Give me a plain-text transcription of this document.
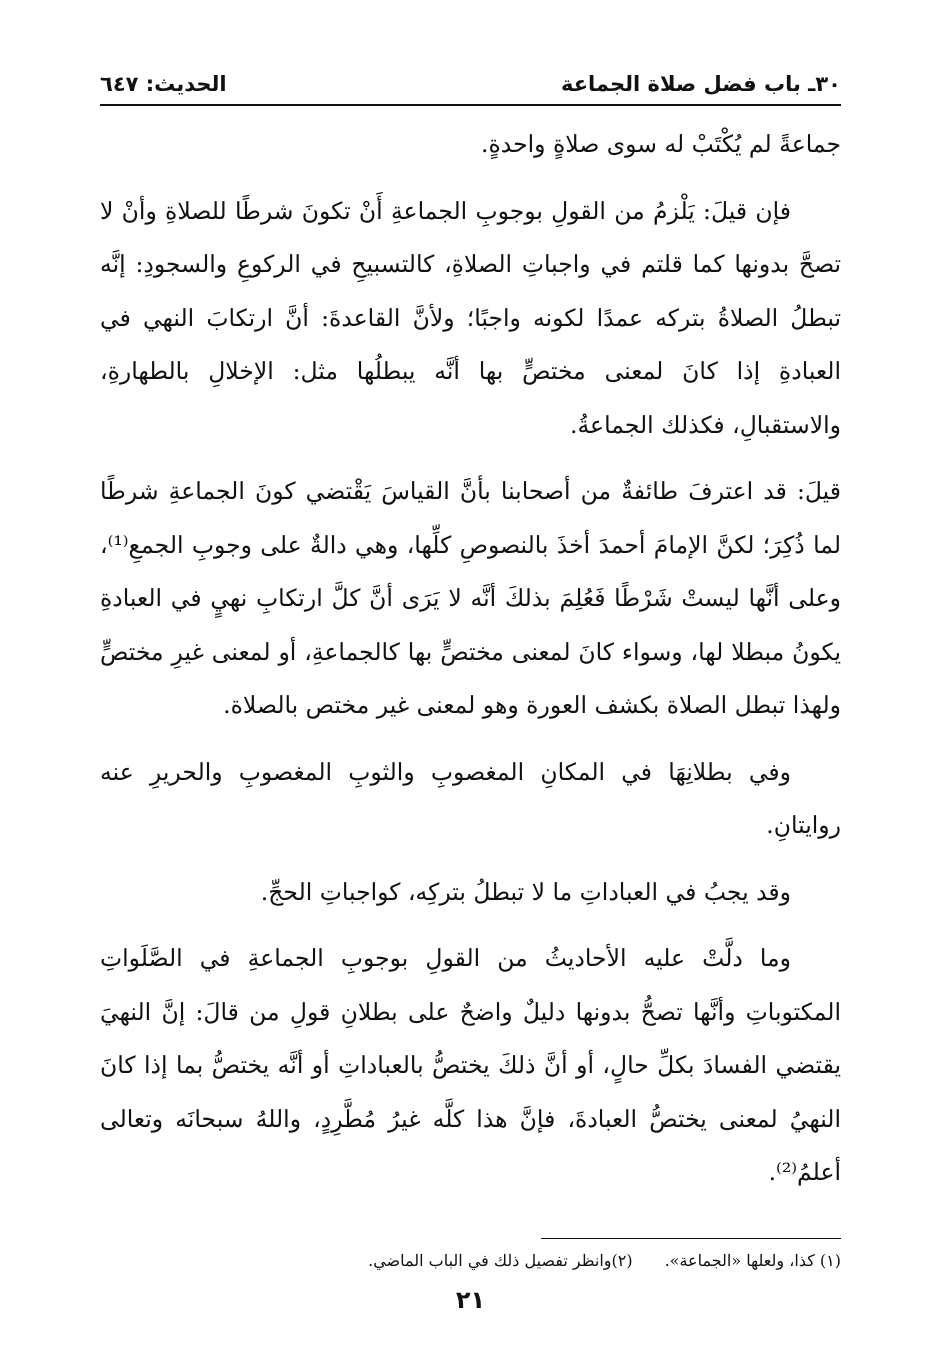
٣٠ـ باب فضل صلاة الجماعة
الحديث: ٦٤٧

جماعةً لم يُكْتَبْ له سوى صلاةٍ واحدةٍ.

فإن قيلَ: يَلْزمُ من القولِ بوجوبِ الجماعةِ أَنْ تكونَ شرطًا للصلاةِ وأنْ لا تصحَّ بدونها كما قلتم في واجباتِ الصلاةِ، كالتسبيحِ في الركوعِ والسجودِ: إنَّه تبطلُ الصلاةُ بتركه عمدًا لكونه واجبًا؛ ولأنَّ القاعدةَ: أنَّ ارتكابَ النهي في العبادةِ إذا كانَ لمعنى مختصٍّ بها أنَّه يبطلُها مثل: الإخلالِ بالطهارةِ، والاستقبالِ، فكذلك الجماعةُ.

قيلَ: قد اعترفَ طائفةٌ من أصحابنا بأنَّ القياسَ يَقْتضي كونَ الجماعةِ شرطًا لما ذُكِرَ؛ لكنَّ الإمامَ أحمدَ أخذَ بالنصوصِ كلِّها، وهي دالةٌ على وجوبِ الجمعِ⁽¹⁾، وعلى أنَّها ليستْ شَرْطًا فَعُلِمَ بذلكَ أنَّه لا يَرَى أنَّ كلَّ ارتكابِ نهيٍ في العبادةِ يكونُ مبطلا لها، وسواء كانَ لمعنى مختصٍّ بها كالجماعةِ، أو لمعنى غيرِ مختصٍّ ولهذا تبطل الصلاة بكشف العورة وهو لمعنى غير مختص بالصلاة.

وفي بطلانِهَا في المكانِ المغصوبِ والثوبِ المغصوبِ والحريرِ عنه روايتانِ.

وقد يجبُ في العباداتِ ما لا تبطلُ بتركِه، كواجباتِ الحجِّ.

وما دلَّتْ عليه الأحاديثُ من القولِ بوجوبِ الجماعةِ في الصَّلَواتِ المكتوباتِ وأنَّها تصحُّ بدونها دليلٌ واضحٌ على بطلانِ قولِ من قالَ: إنَّ النهيَ يقتضي الفسادَ بكلِّ حالٍ، أو أنَّ ذلكَ يختصُّ بالعباداتِ أو أنَّه يختصُّ بما إذا كانَ النهيُ لمعنى يختصُّ العبادةَ، فإنَّ هذا كلَّه غيرُ مُطَّرِدٍ، واللهُ سبحانَه وتعالى أعلمُ⁽²⁾.

(١) كذا، ولعلها «الجماعة».
(٢)وانظر تفصيل ذلك في الباب الماضي.
٢١
